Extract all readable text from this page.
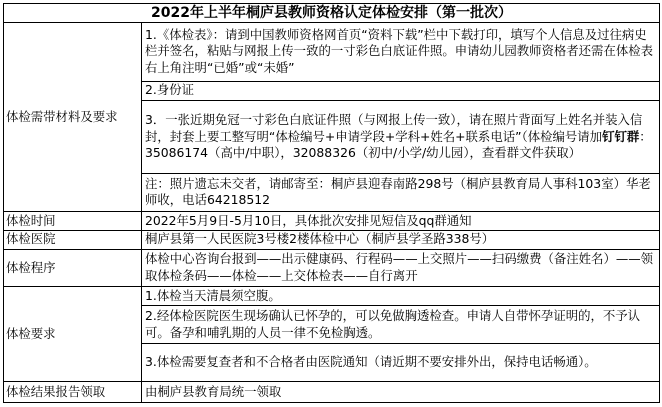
2022年上半年桐庐县教师资格认定体检安排（第一批次）	
体检需带材料及要求	1.《体检表》：请到中国教师资格网首页“资料下载”栏中下载打印，填写个人信息及过往病史栏并签名，粘贴与网报上传一致的一寸彩色白底证件照。申请幼儿园教师资格者还需在体检表右上角注明“已婚”或“未婚”
	2.身份证
	3．一张近期免冠一寸彩色白底证件照（与网报上传一致），请在照片背面写上姓名并装入信封，封套上要工整写明“体检编号+申请学段+学科+姓名+联系电话”（体检编号请加钉钉群：35086174（高中/中职），32088326（初中/小学/幼儿园），查看群文件获取）
	注：照片遗忘未交者，请邮寄至：桐庐县迎春南路298号（桐庐县教育局人事科103室）华老师收，电话64218512
体检时间	2022年5月9日-5月10日，具体批次安排见短信及qq群通知
体检医院	桐庐县第一人民医院3号楼2楼体检中心（桐庐县学圣路338号）
体检程序	体检中心咨询台报到——出示健康码、行程码——上交照片——扫码缴费（备注姓名）——领取体检条码——体检——上交体检表——自行离开
体检要求	1.体检当天清晨须空腹。
	2.经体检医院医生现场确认已怀孕的，可以免做胸透检查。申请人自带怀孕证明的，不予认可。备孕和哺乳期的人员一律不免检胸透。
	3.体检需要复查者和不合格者由医院通知（请近期不要安排外出，保持电话畅通）。
体检结果报告领取	由桐庐县教育局统一领取
